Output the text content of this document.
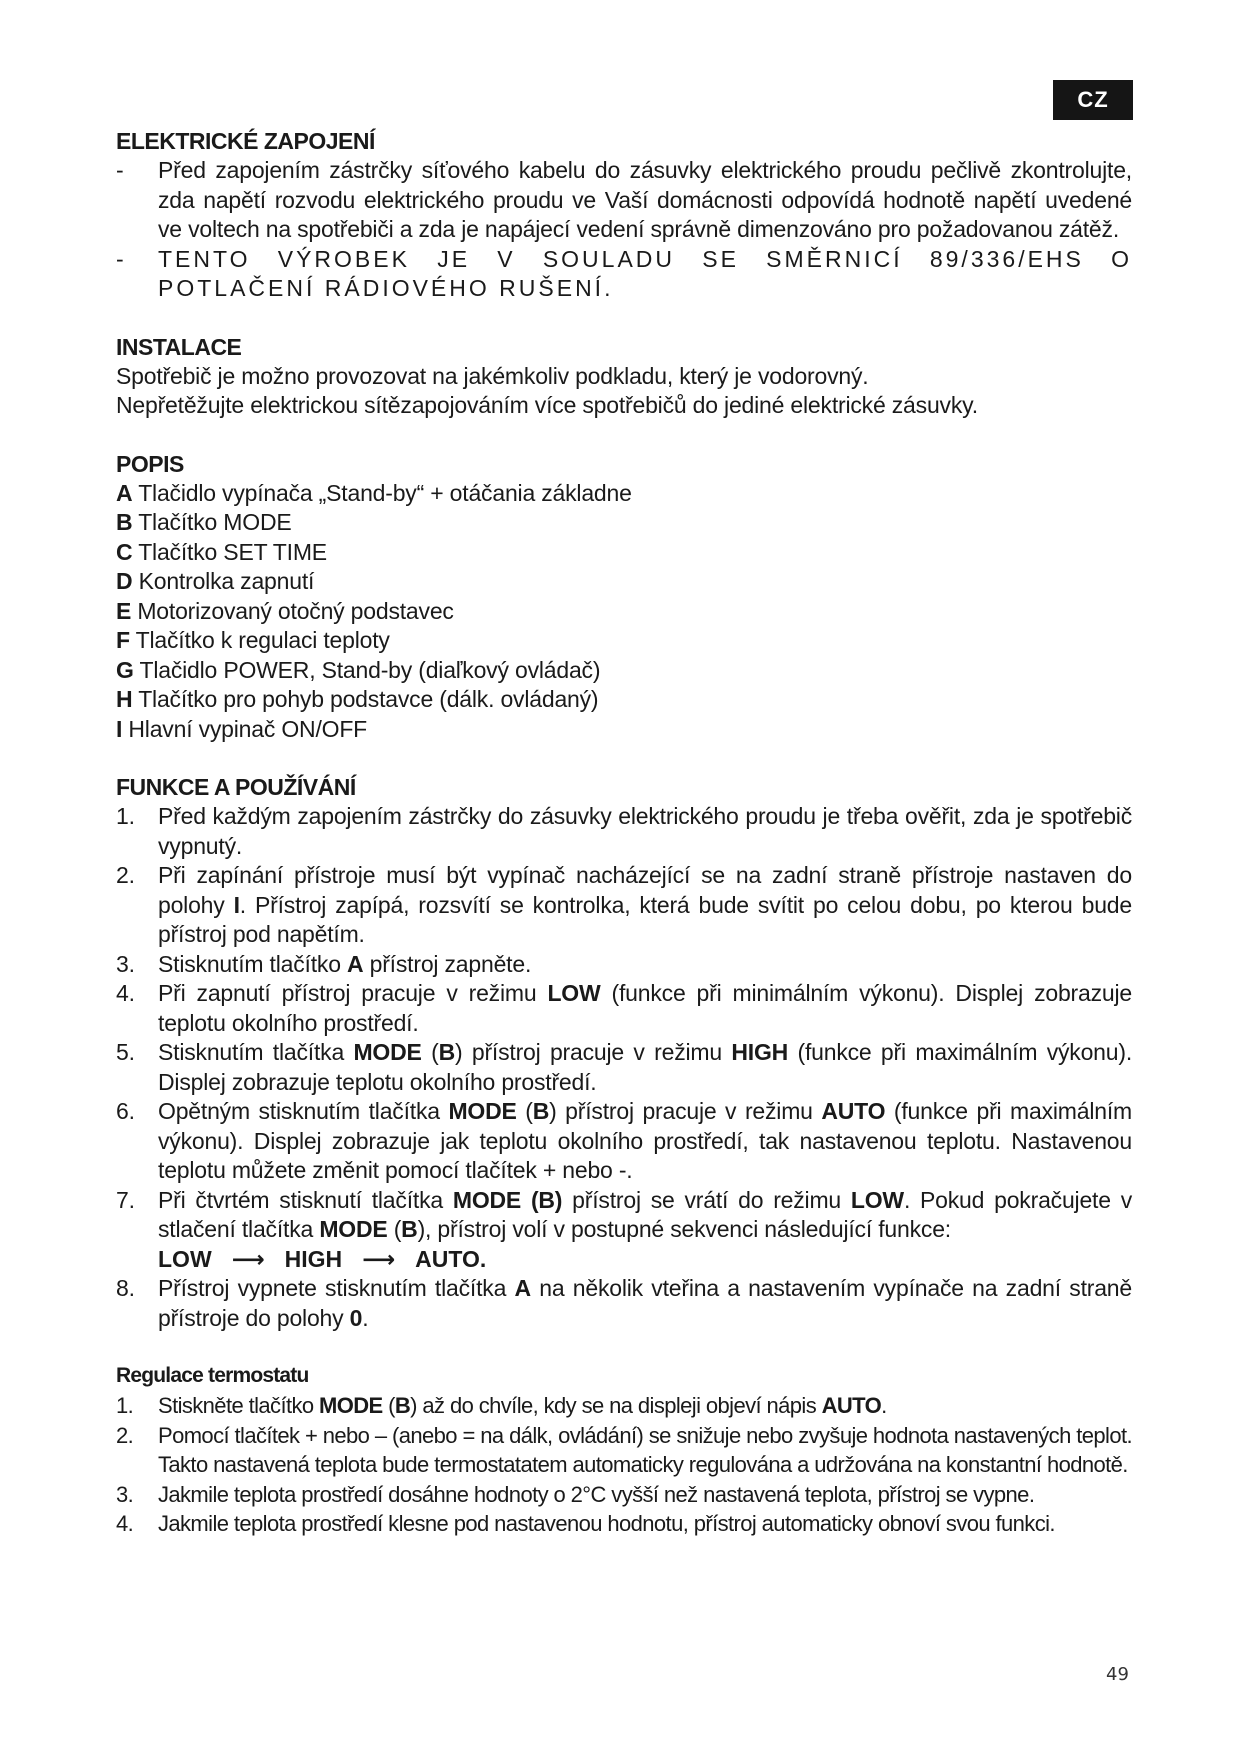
CZ
ELEKTRICKÉ ZAPOJENÍ
- Před zapojením zástrčky síťového kabelu do zásuvky elektrického proudu pečlivě zkontrolujte, zda napětí rozvodu elektrického proudu ve Vaší domácnosti odpovídá hodnotě napětí uvedené ve voltech na spotřebiči a zda je napájecí vedení správně dimenzováno pro požadovanou zátěž.
- TENTO VÝROBEK JE V SOULADU SE SMĚRNICÍ 89/336/EHS O POTLAČENÍ RÁDIOVÉHO RUŠENÍ.
INSTALACE
Spotřebič je možno provozovat na jakémkoliv podkladu, který je vodorovný.
Nepřetěžujte elektrickou sítězapojováním více spotřebičů do jediné elektrické zásuvky.
POPIS
A Tlačidlo vypínača „Stand-by“ + otáčania základne
B Tlačítko MODE
C Tlačítko SET TIME
D Kontrolka zapnutí
E Motorizovaný otočný podstavec
F Tlačítko k regulaci teploty
G Tlačidlo POWER, Stand-by (diaľkový ovládač)
H Tlačítko pro pohyb podstavce (dálk. ovládaný)
I Hlavní vypinač ON/OFF
FUNKCE A POUŽÍVÁNÍ
1. Před každým zapojením zástrčky do zásuvky elektrického proudu je třeba ověřit, zda je spotřebič vypnutý.
2. Při zapínání přístroje musí být vypínač nacházející se na zadní straně přístroje nastaven do polohy I. Přístroj zapípá, rozsvítí se kontrolka, která bude svítit po celou dobu, po kterou bude přístroj pod napětím.
3. Stisknutím tlačítko A přístroj zapněte.
4. Při zapnutí přístroj pracuje v režimu LOW (funkce při minimálním výkonu). Displej zobrazuje teplotu okolního prostředí.
5. Stisknutím tlačítka MODE (B) přístroj pracuje v režimu HIGH (funkce při maximálním výkonu). Displej zobrazuje teplotu okolního prostředí.
6. Opětným stisknutím tlačítka MODE (B) přístroj pracuje v režimu AUTO (funkce při maximálním výkonu). Displej zobrazuje jak teplotu okolního prostředí, tak nastavenou teplotu. Nastavenou teplotu můžete změnit pomocí tlačítek + nebo -.
7. Při čtvrtém stisknutí tlačítka MODE (B) přístroj se vrátí do režimu LOW. Pokud pokračujete v stlačení tlačítka MODE (B), přístroj volí v postupné sekvenci následující funkce:
LOW ⟶ HIGH ⟶ AUTO.
8. Přístroj vypnete stisknutím tlačítka A na několik vteřina a nastavením vypínače na zadní straně přístroje do polohy 0.
Regulace termostatu
1. Stiskněte tlačítko MODE (B) až do chvíle, kdy se na displeji objeví nápis AUTO.
2. Pomocí tlačítek + nebo – (anebo = na dálk, ovládání) se snižuje nebo zvyšuje hodnota nastavených teplot. Takto nastavená teplota bude termostatatem automaticky regulována a udržována na konstantní hodnotě.
3. Jakmile teplota prostředí dosáhne hodnoty o 2°C vyšší než nastavená teplota, přístroj se vypne.
4. Jakmile teplota prostředí klesne pod nastavenou hodnotu, přístroj automaticky obnoví svou funkci.
49
